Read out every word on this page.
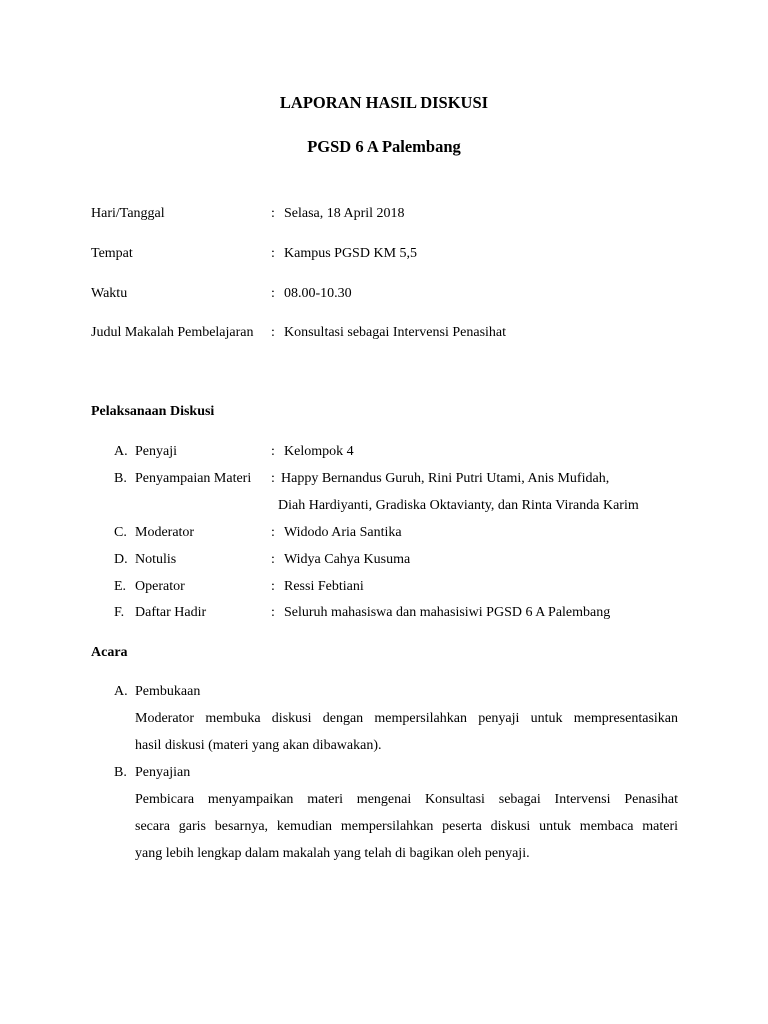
LAPORAN HASIL DISKUSI
PGSD 6 A Palembang
Hari/Tanggal	: Selasa, 18 April 2018
Tempat	: Kampus PGSD KM 5,5
Waktu	: 08.00-10.30
Judul Makalah Pembelajaran : Konsultasi sebagai Intervensi Penasihat
Pelaksanaan Diskusi
A. Penyaji	: Kelompok 4
B. Penyampaian Materi : Happy Bernandus Guruh, Rini Putri Utami, Anis Mufidah,
Diah Hardiyanti, Gradiska Oktavianty, dan Rinta Viranda Karim
C. Moderator	: Widodo Aria Santika
D. Notulis	: Widya Cahya Kusuma
E. Operator	: Ressi Febtiani
F. Daftar Hadir	: Seluruh mahasiswa dan mahasisiwi PGSD 6 A Palembang
Acara
A. Pembukaan
Moderator membuka diskusi dengan mempersilahkan penyaji untuk mempresentasikan
hasil diskusi (materi yang akan dibawakan).
B. Penyajian
Pembicara menyampaikan materi mengenai Konsultasi sebagai Intervensi Penasihat
secara garis besarnya, kemudian mempersilahkan peserta diskusi untuk membaca materi
yang lebih lengkap dalam makalah yang telah di bagikan oleh penyaji.
